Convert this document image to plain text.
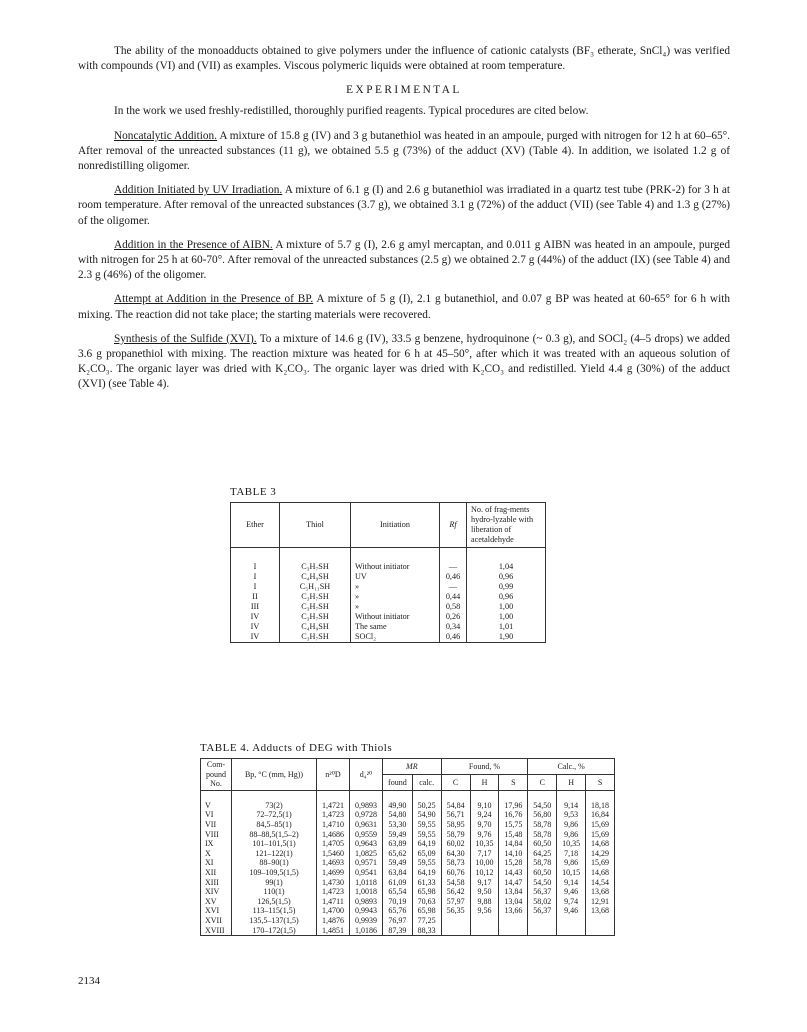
The ability of the monoadducts obtained to give polymers under the influence of cationic catalysts (BF₃ etherate, SnCl₄) was verified with compounds (VI) and (VII) as examples. Viscous polymeric liquids were obtained at room temperature.

EXPERIMENTAL

In the work we used freshly-redistilled, thoroughly purified reagents. Typical procedures are cited below.

Noncatalytic Addition. A mixture of 15.8 g (IV) and 3 g butanethiol was heated in an ampoule, purged with nitrogen for 12 h at 60–65°. After removal of the unreacted substances (11 g), we obtained 5.5 g (73%) of the adduct (XV) (Table 4). In addition, we isolated 1.2 g of nonredistilling oligomer.

Addition Initiated by UV Irradiation. A mixture of 6.1 g (I) and 2.6 g butanethiol was irradiated in a quartz test tube (PRK-2) for 3 h at room temperature. After removal of the unreacted substances (3.7 g), we obtained 3.1 g (72%) of the adduct (VII) (see Table 4) and 1.3 g (27%) of the oligomer.

Addition in the Presence of AIBN. A mixture of 5.7 g (I), 2.6 g amyl mercaptan, and 0.011 g AIBN was heated in an ampoule, purged with nitrogen for 25 h at 60-70°. After removal of the unreacted substances (2.5 g) we obtained 2.7 g (44%) of the adduct (IX) (see Table 4) and 2.3 g (46%) of the oligomer.

Attempt at Addition in the Presence of BP. A mixture of 5 g (I), 2.1 g butanethiol, and 0.07 g BP was heated at 60-65° for 6 h with mixing. The reaction did not take place; the starting materials were recovered.

Synthesis of the Sulfide (XVI). To a mixture of 14.6 g (IV), 33.5 g benzene, hydroquinone (~ 0.3 g), and SOCl₂ (4–5 drops) we added 3.6 g propanethiol with mixing. The reaction mixture was heated for 6 h at 45–50°, after which it was treated with an aqueous solution of K₂CO₃. The organic layer was dried with K₂CO₃. The organic layer was dried with K₂CO₃ and redistilled. Yield 4.4 g (30%) of the adduct (XVI) (see Table 4).

TABLE 3
Ether	Thiol	Initiation	Rf	No. of frag-ments hydro-lyzable with liberation of acetaldehyde

I	C₃H₇SH	Without initiator	—	1,04
I	C₄H₉SH	UV	0,46	0,96
I	C₅H₁₁SH	»	—	0,99
II	C₃H₇SH	»	0,44	0,96
III	C₃H₇SH	»	0,58	1,00
IV	C₃H₇SH	Without initiator	0,26	1,00
IV	C₄H₉SH	The same	0,34	1,01
IV	C₃H₇SH	SOCl₂	0,46	1,90
TABLE 4. Adducts of DEG with Thiols
Com-pound No.	Bp, °C (mm, Hg))	n²⁰D	d₄²⁰	MR		Found, %			Calc., %		
				found	calc.	C	H	S	C	H	S

V	73(2)	1,4721	0,9893	49,90	50,25	54,84	9,10	17,96	54,50	9,14	18,18
VI	72–72,5(1)	1,4723	0,9728	54,80	54,90	56,71	9,24	16,76	56,80	9,53	16,84
VII	84,5–85(1)	1,4710	0,9631	53,30	59,55	58,95	9,70	15,75	58,78	9,86	15,69
VIII	88–88,5(1,5–2)	1,4686	0,9559	59,49	59,55	58,79	9,76	15,48	58,78	9,86	15,69
IX	101–101,5(1)	1,4705	0,9643	63,89	64,19	60,02	10,35	14,84	60,50	10,35	14,68
X	121–122(1)	1,5460	1,0825	65,62	65,09	64,30	7,17	14,10	64,25	7,18	14,29
XI	88–90(1)	1,4693	0,9571	59,49	59,55	58,73	10,00	15,28	58,78	9,86	15,69
XII	109–109,5(1,5)	1,4699	0,9541	63,84	64,19	60,76	10,12	14,43	60,50	10,15	14,68
XIII	99(1)	1,4730	1,0118	61,09	61,33	54,58	9,17	14,47	54,50	9,14	14,54
XIV	110(1)	1,4723	1,0018	65,54	65,98	56,42	9,50	13,84	56,37	9,46	13,68
XV	126,5(1,5)	1,4711	0,9893	70,19	70,63	57,97	9,88	13,04	58,02	9,74	12,91
XVI	113–115(1,5)	1,4700	0,9943	65,76	65,98	56,35	9,56	13,66	56,37	9,46	13,68
XVII	135,5–137(1,5)	1,4876	0,9939	76,97	77,25						
XVIII	170–172(1,5)	1,4851	1,0186	87,39	88,33						
2134
